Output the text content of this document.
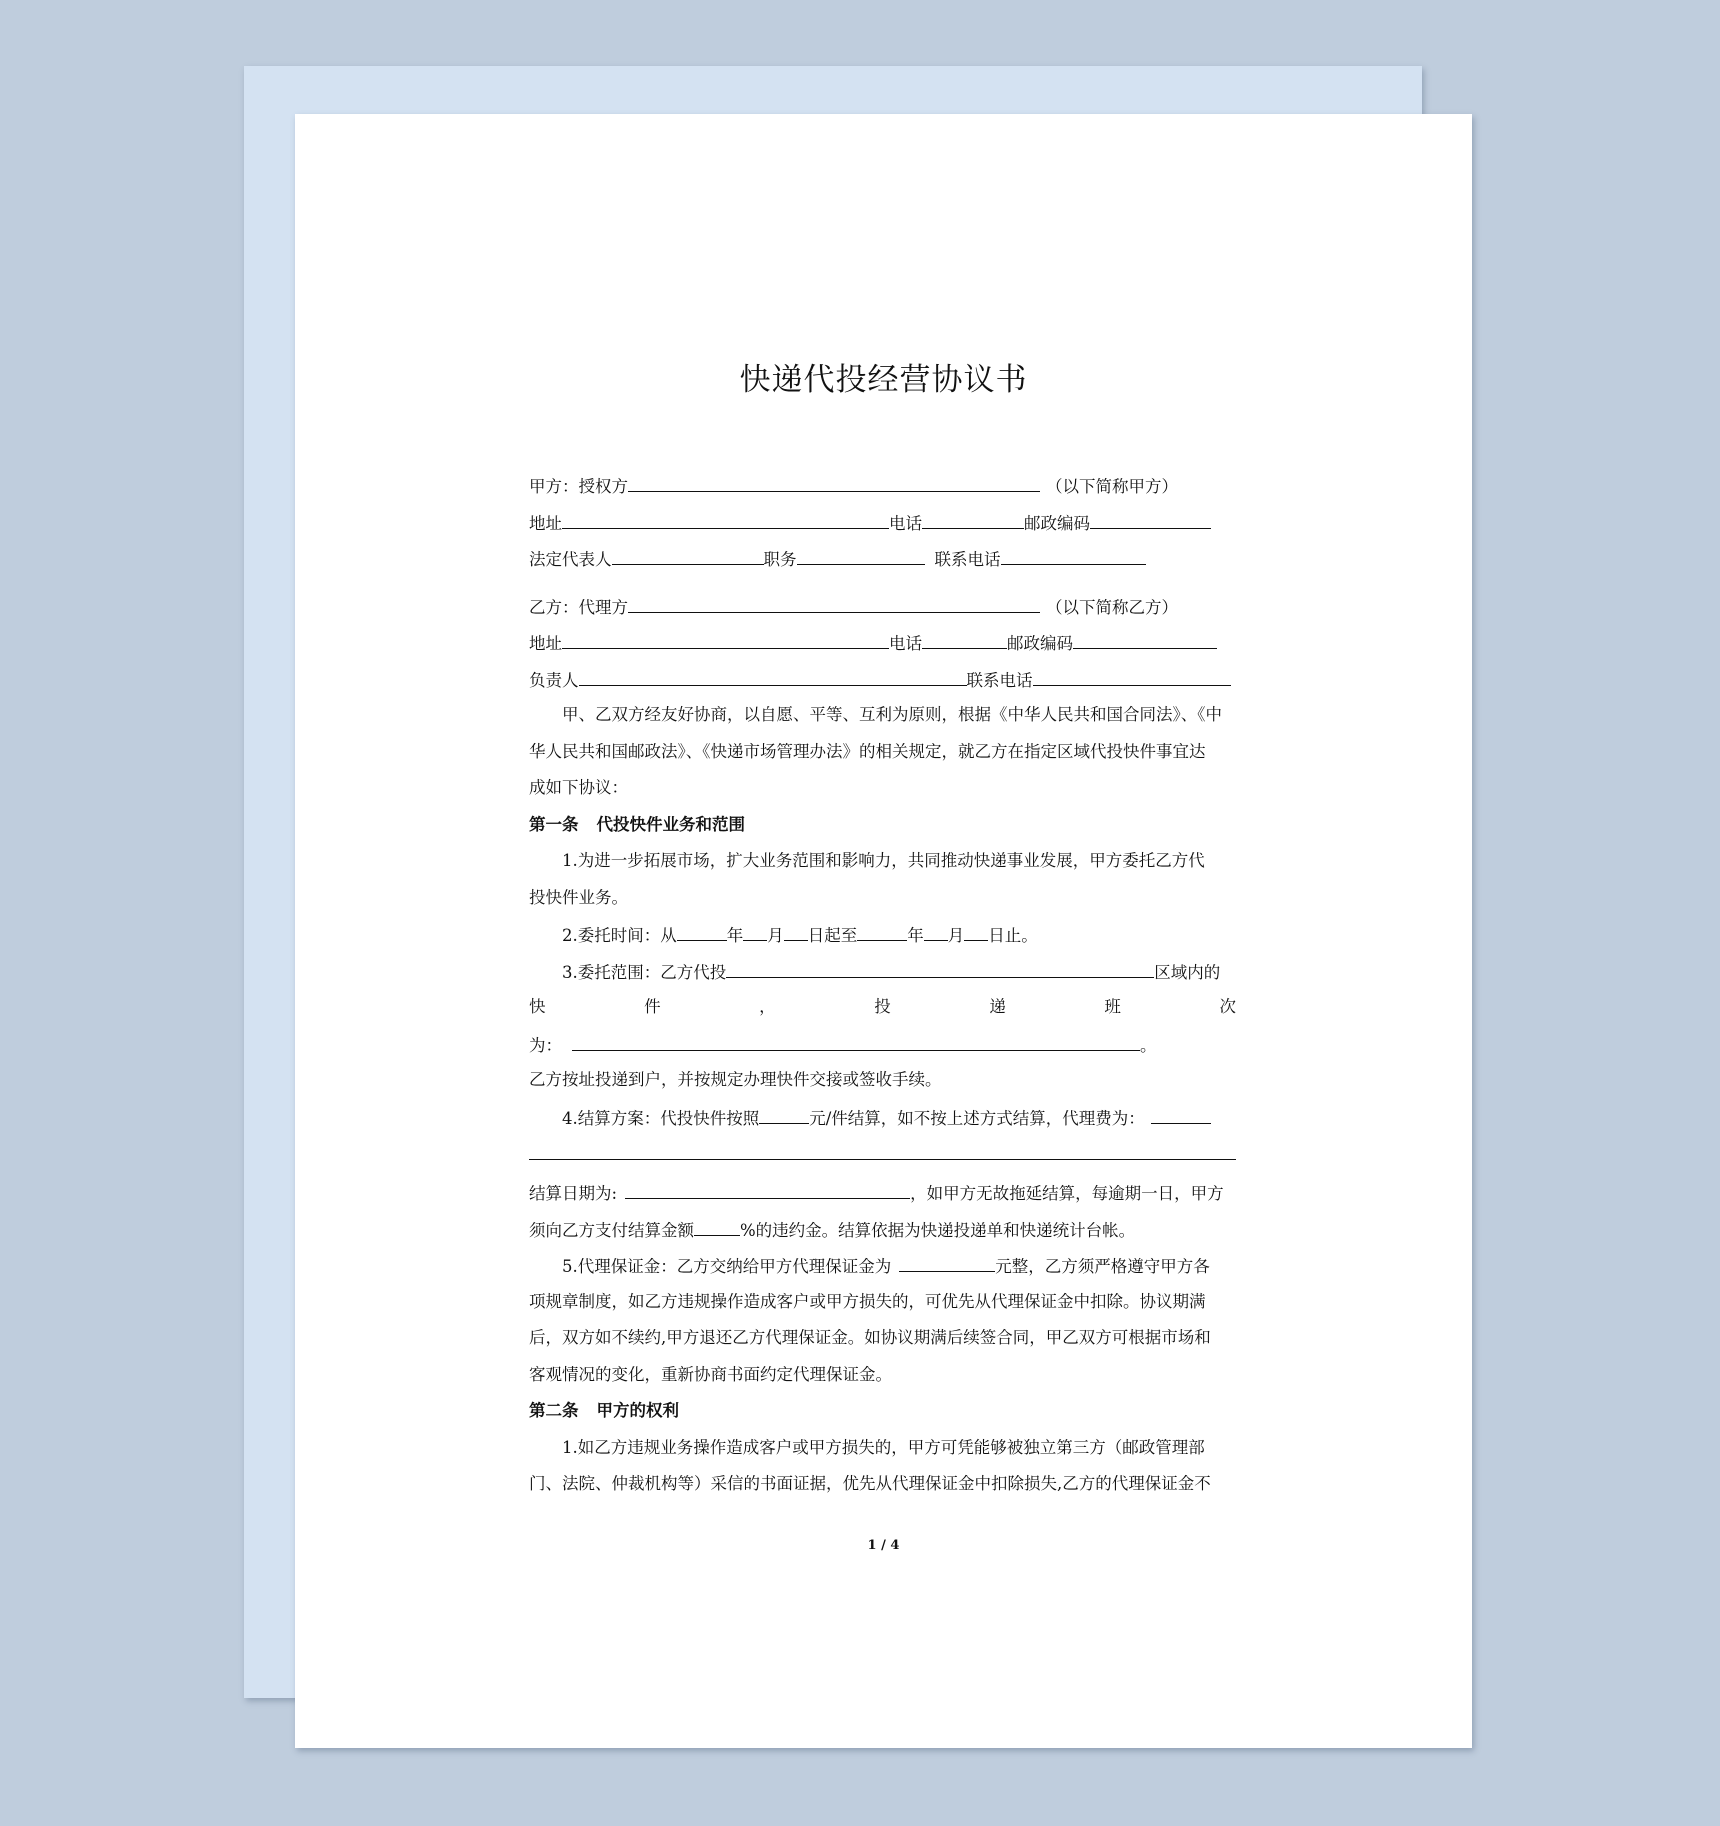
快递代投经营协议书
甲方：授权方	（以下简称甲方）
地址	电话	邮政编码
法定代表人	职务	联系电话
乙方：代理方	（以下简称乙方）
地址	电话	邮政编码
负责人	联系电话
甲、乙双方经友好协商，以自愿、平等、互利为原则，根据《中华人民共和国合同法》、《中
华人民共和国邮政法》、《快递市场管理办法》的相关规定，就乙方在指定区域代投快件事宜达
成如下协议：
第一条 代投快件业务和范围
1.为进一步拓展市场，扩大业务范围和影响力，共同推动快递事业发展，甲方委托乙方代
投快件业务。
2.委托时间：从	年 月 日起至	年 月 日止。
3.委托范围：乙方代投	区域内的
快	件	，	投	递	班	次
为：	。
乙方按址投递到户，并按规定办理快件交接或签收手续。
4.结算方案：代投快件按照	元/件结算，如不按上述方式结算，代理费为：
结算日期为:	，如甲方无故拖延结算，每逾期一日，甲方
须向乙方支付结算金额	%的违约金。结算依据为快递投递单和快递统计台帐。
5.代理保证金：乙方交纳给甲方代理保证金为	元整，乙方须严格遵守甲方各
项规章制度，如乙方违规操作造成客户或甲方损失的，可优先从代理保证金中扣除。协议期满
后，双方如不续约,甲方退还乙方代理保证金。如协议期满后续签合同，甲乙双方可根据市场和
客观情况的变化，重新协商书面约定代理保证金。
第二条 甲方的权利
1.如乙方违规业务操作造成客户或甲方损失的，甲方可凭能够被独立第三方（邮政管理部
门、法院、仲裁机构等）采信的书面证据，优先从代理保证金中扣除损失,乙方的代理保证金不
1 / 4
